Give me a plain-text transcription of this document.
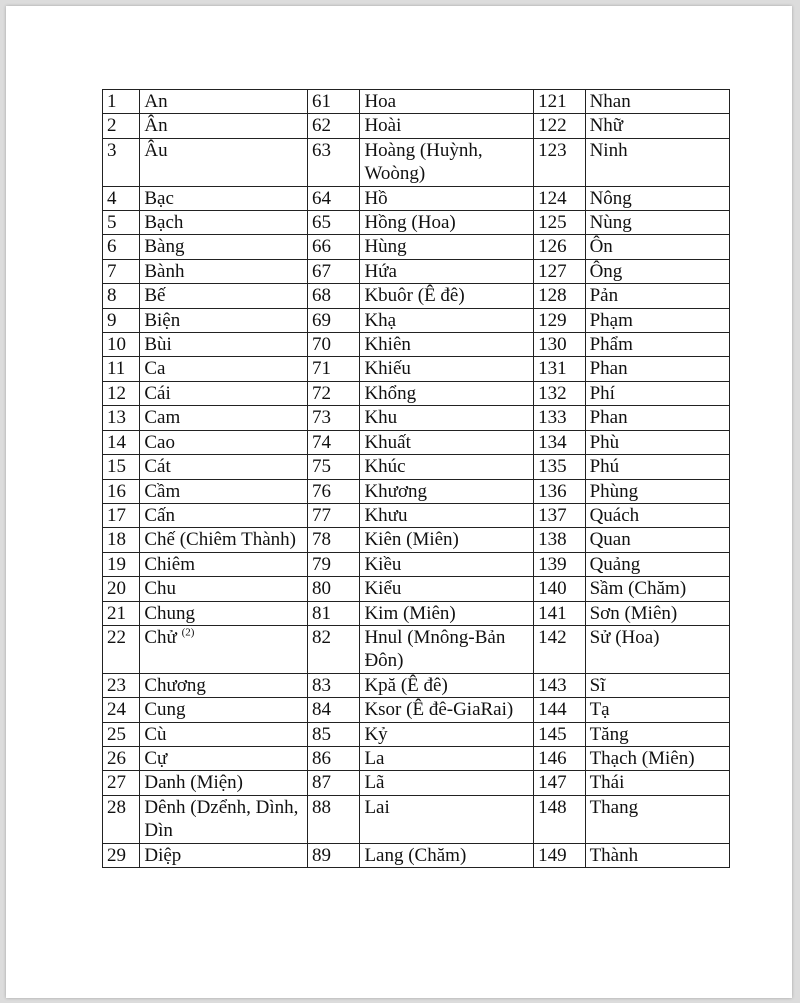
1	An	61	Hoa	121	Nhan
2	Ân	62	Hoài	122	Nhữ
3	Âu	63	Hoàng (Huỳnh, Woòng)	123	Ninh
4	Bạc	64	Hồ	124	Nông
5	Bạch	65	Hồng (Hoa)	125	Nùng
6	Bàng	66	Hùng	126	Ôn
7	Bành	67	Hứa	127	Ông
8	Bế	68	Kbuôr (Ê đê)	128	Pản
9	Biện	69	Khạ	129	Phạm
10	Bùi	70	Khiên	130	Phẩm
11	Ca	71	Khiếu	131	Phan
12	Cái	72	Khổng	132	Phí
13	Cam	73	Khu	133	Phan
14	Cao	74	Khuất	134	Phù
15	Cát	75	Khúc	135	Phú
16	Cầm	76	Khương	136	Phùng
17	Cấn	77	Khưu	137	Quách
18	Chế (Chiêm Thành)	78	Kiên (Miên)	138	Quan
19	Chiêm	79	Kiều	139	Quảng
20	Chu	80	Kiểu	140	Sầm (Chăm)
21	Chung	81	Kim (Miên)	141	Sơn (Miên)
22	Chử $^{(2)}$	82	Hnul (Mnông-Bản Đôn)	142	Sử (Hoa)
23	Chương	83	Kpă (Ê đê)	143	Sĩ
24	Cung	84	Ksor (Ê đê-GiaRai)	144	Tạ
25	Cù	85	Kỷ	145	Tăng
26	Cự	86	La	146	Thạch (Miên)
27	Danh (Miện)	87	Lã	147	Thái
28	Dênh (Dzểnh, Dình, Dìn	88	Lai	148	Thang
29	Diệp	89	Lang (Chăm)	149	Thành
